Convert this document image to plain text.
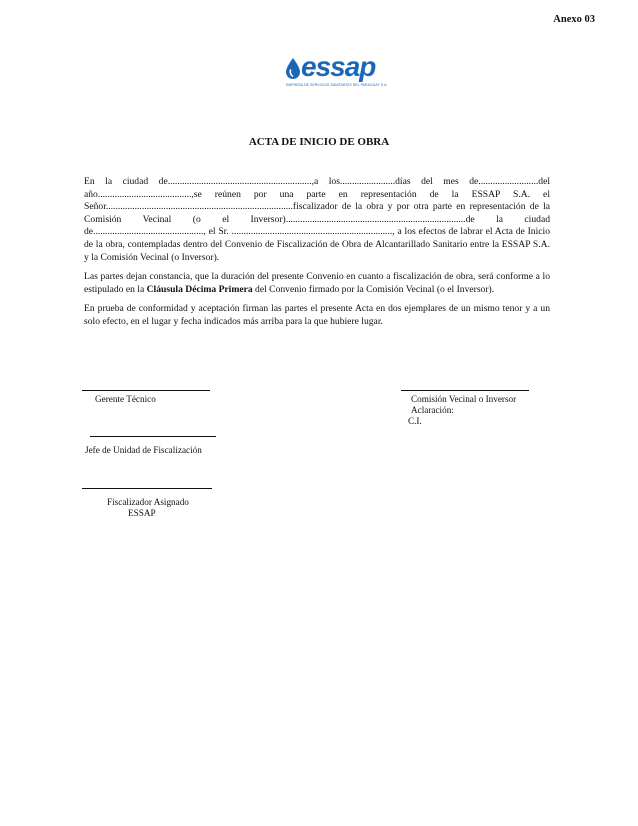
Anexo 03
essap
EMPRESA DE SERVICIOS SANITARIOS DEL PARAGUAY S.A.
ACTA DE INICIO DE OBRA

En la ciudad de............................................................,a los.......................días del mes de.........................del año.......................................,se reúnen por una parte en representación de la ESSAP S.A. el Señor..............................................................................fiscalizador de la obra y por otra parte en representación de la Comisión Vecinal (o el Inversor)...........................................................................de la ciudad de.............................................., el Sr. ..................................................................., a los efectos de labrar el Acta de Inicio de la obra, contempladas dentro del Convenio de Fiscalización de Obra de Alcantarillado Sanitario entre la ESSAP S.A. y la Comisión Vecinal (o Inversor).

Las partes dejan constancia, que la duración del presente Convenio en cuanto a fiscalización de obra, será conforme a lo estipulado en la Cláusula Décima Primera del Convenio firmado por la Comisión Vecinal (o el Inversor).

En prueba de conformidad y aceptación firman las partes el presente Acta en dos ejemplares de un mismo tenor y a un solo efecto, en el lugar y fecha indicados más arriba para la que hubiere lugar.

Gerente Técnico
Jefe de Unidad de Fiscalización
Fiscalizador Asignado
ESSAP
Comisión Vecinal o Inversor
Aclaración:
C.I.
